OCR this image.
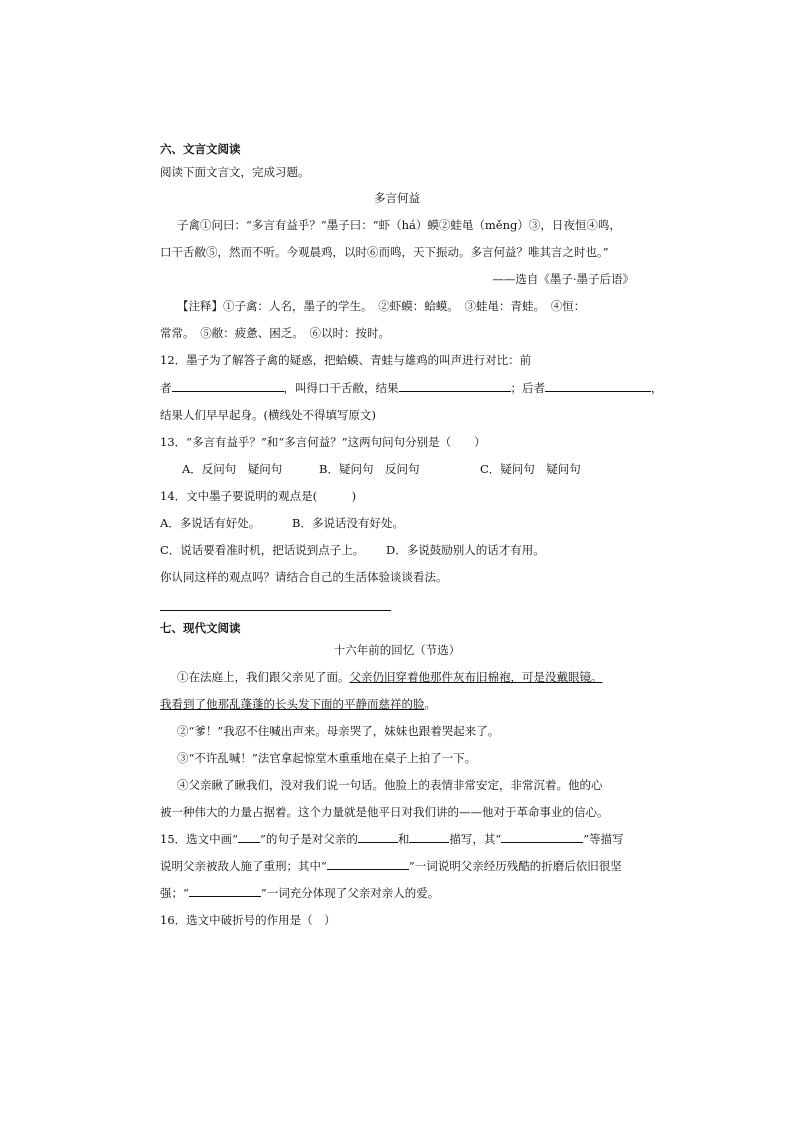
六、文言文阅读
阅读下面文言文，完成习题。
多言何益
子禽①问曰：“多言有益乎？”墨子曰：“虾（há）蟆②蛙黾（měng）③，日夜恒④鸣，
口干舌敝⑤，然而不听。今观晨鸡，以时⑥而鸣，天下振动。多言何益？唯其言之时也。”
——选自《墨子·墨子后语》
【注释】①子禽：人名，墨子的学生。　②虾蟆：蛤蟆。　③蛙黾：青蛙。　④恒：
常常。　⑤敝：疲惫、困乏。　⑥以时：按时。
12．墨子为了解答子禽的疑惑，把蛤蟆、青蛙与雄鸡的叫声进行对比：前
者	，叫得口干舌敝，结果	；后者	，
结果人们早早起身。(横线处不得填写原文)
13．“多言有益乎？”和“多言何益？”这两句问句分别是（　　）
A．反问句　疑问句	B．疑问句　反问句	C．疑问句　疑问句
14．文中墨子要说明的观点是(　　　)
A．多说话有好处。	B．多说话没有好处。
C．说话要看准时机，把话说到点子上。 D．多说鼓励别人的话才有用。
你认同这样的观点吗？请结合自己的生活体验谈谈看法。
七、现代文阅读
十六年前的回忆（节选）
①在法庭上，我们跟父亲见了面。父亲仍旧穿着他那件灰布旧棉袍，可是没戴眼镜。
我看到了他那乱蓬蓬的长头发下面的平静而慈祥的脸。
②“爹！”我忍不住喊出声来。母亲哭了，妹妹也跟着哭起来了。
③“不许乱喊！”法官拿起惊堂木重重地在桌子上拍了一下。
④父亲瞅了瞅我们，没对我们说一句话。他脸上的表情非常安定，非常沉着。他的心
被一种伟大的力量占据着。这个力量就是他平日对我们讲的——他对于革命事业的信心。
15．选文中画“ ”的句子是对父亲的	和	描写，其“	”等描写
说明父亲被敌人施了重刑；其中“	”一词说明父亲经历残酷的折磨后依旧很坚
强；“	”一词充分体现了父亲对亲人的爱。
16．选文中破折号的作用是（　）
